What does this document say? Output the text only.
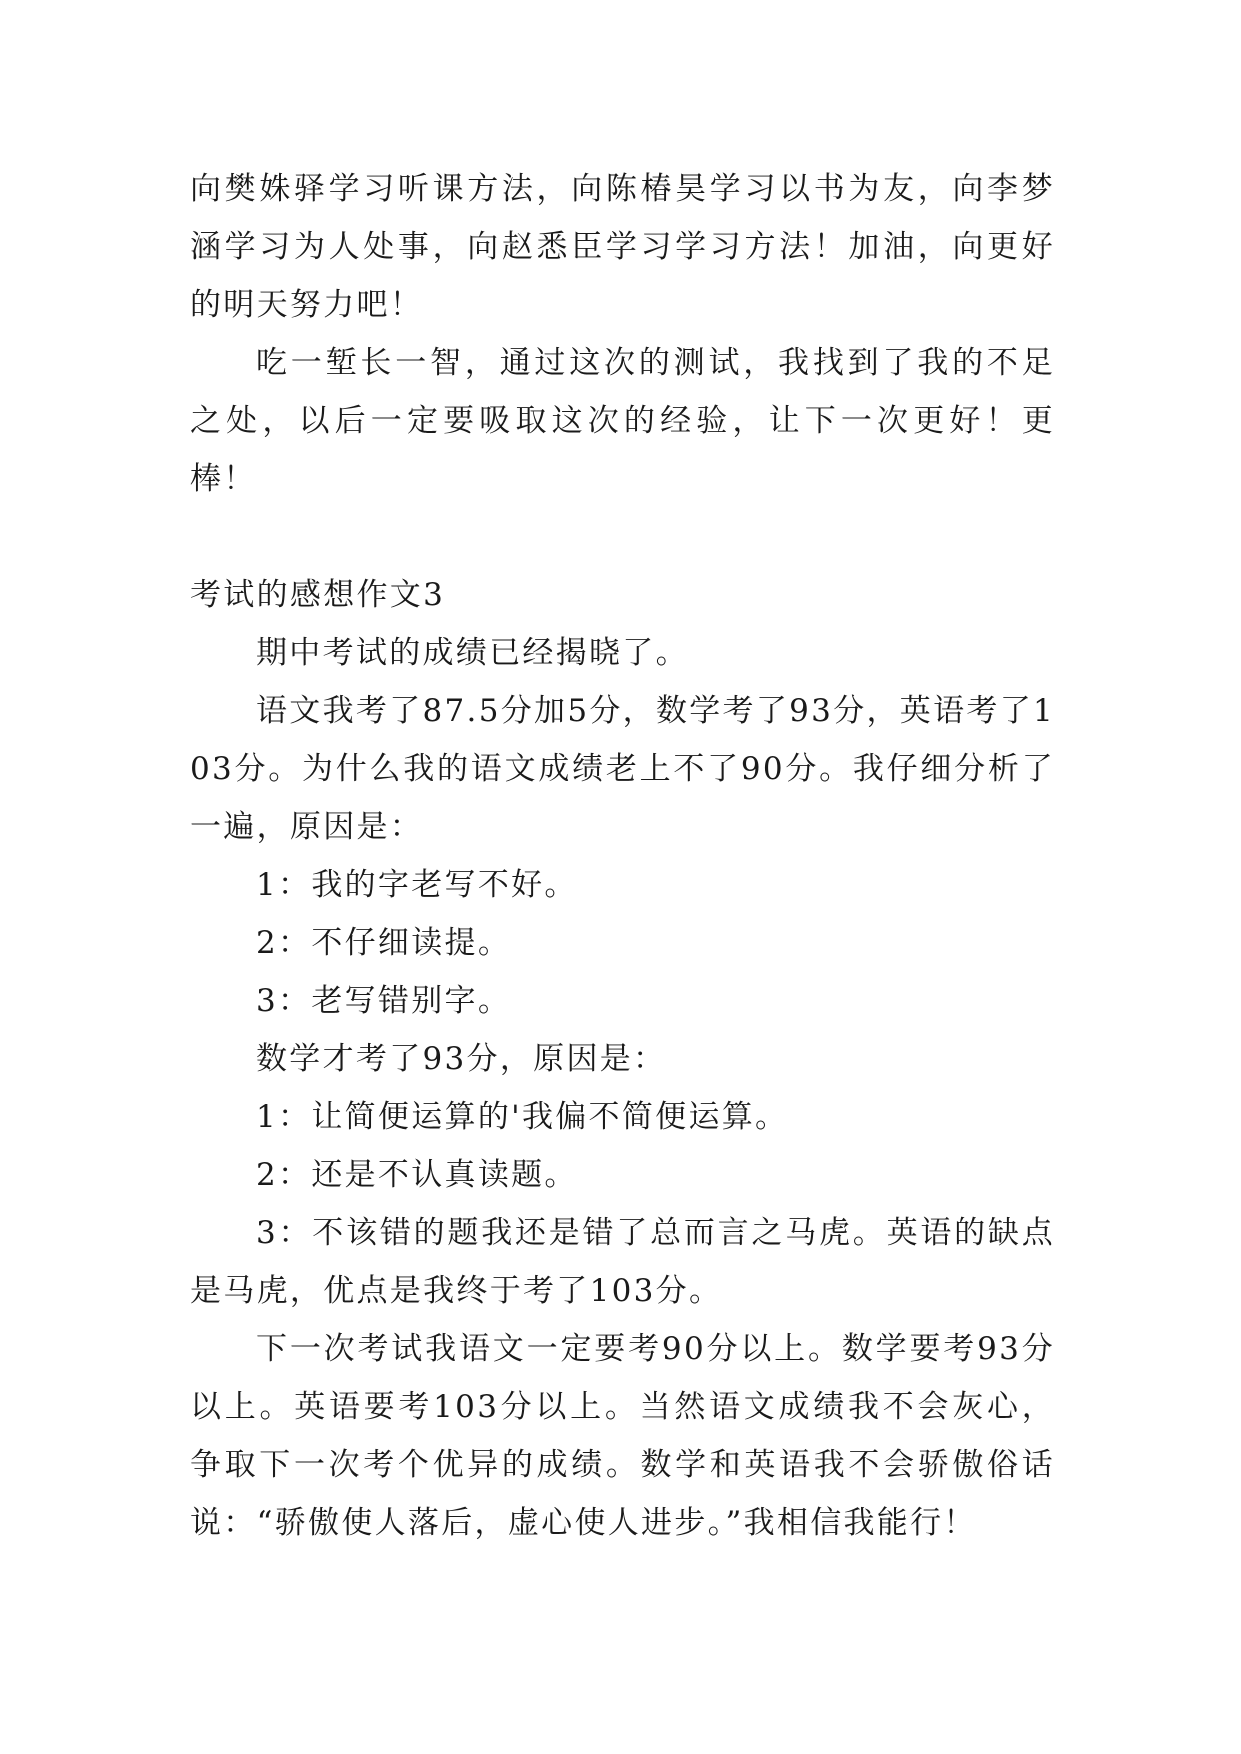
向樊姝驿学习听课方法，向陈椿昊学习以书为友，向李梦涵学习为人处事，向赵悉臣学习学习方法！加油，向更好的明天努力吧！

吃一堑长一智，通过这次的测试，我找到了我的不足之处，以后一定要吸取这次的经验，让下一次更好！更棒！

考试的感想作文3

期中考试的成绩已经揭晓了。

语文我考了87.5分加5分，数学考了93分，英语考了103分。为什么我的语文成绩老上不了90分。我仔细分析了一遍，原因是：

1：我的字老写不好。

2：不仔细读提。

3：老写错别字。

数学才考了93分，原因是：

1：让简便运算的'我偏不简便运算。

2：还是不认真读题。

3：不该错的题我还是错了总而言之马虎。英语的缺点是马虎，优点是我终于考了103分。

下一次考试我语文一定要考90分以上。数学要考93分以上。英语要考103分以上。当然语文成绩我不会灰心，争取下一次考个优异的成绩。数学和英语我不会骄傲俗话说：“骄傲使人落后，虚心使人进步。”我相信我能行！
